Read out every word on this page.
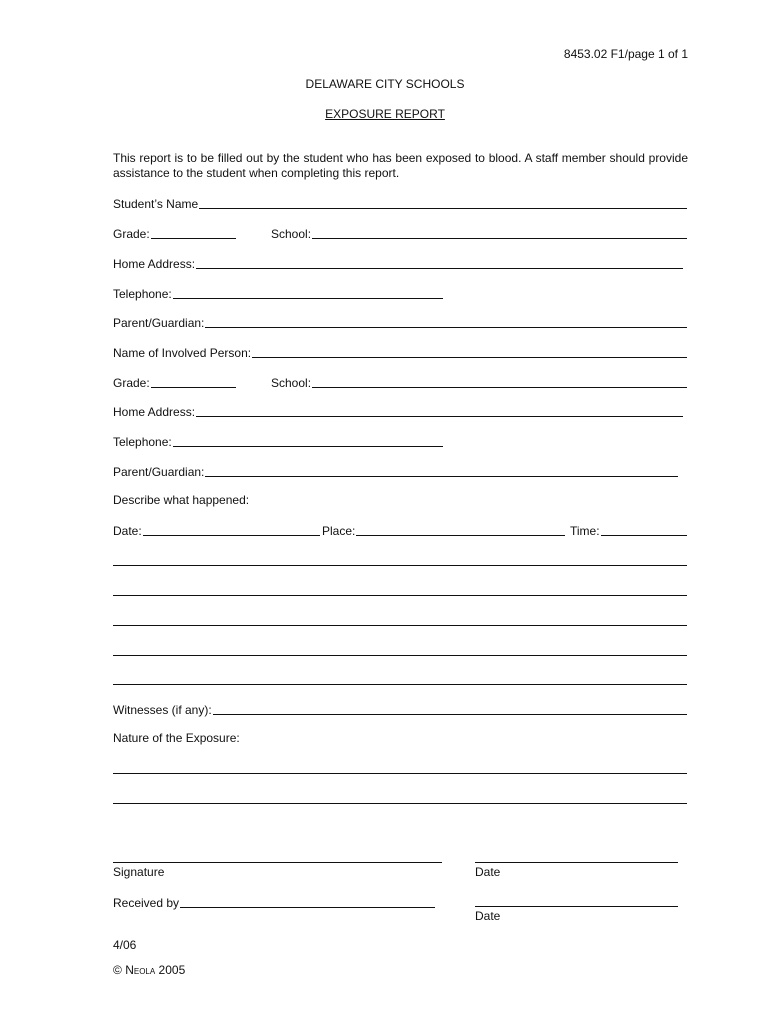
8453.02 F1/page 1 of 1
DELAWARE CITY SCHOOLS
EXPOSURE REPORT
This report is to be filled out by the student who has been exposed to blood. A staff member should provide assistance to the student when completing this report.
Student’s Name
Grade:	School:
Home Address:
Telephone:
Parent/Guardian:
Name of Involved Person:
Grade:	School:
Home Address:
Telephone:
Parent/Guardian:
Describe what happened:
Date:	Place:	Time:
Witnesses (if any):
Nature of the Exposure:
Signature	Date
Received by
Date
4/06
© Neola 2005
